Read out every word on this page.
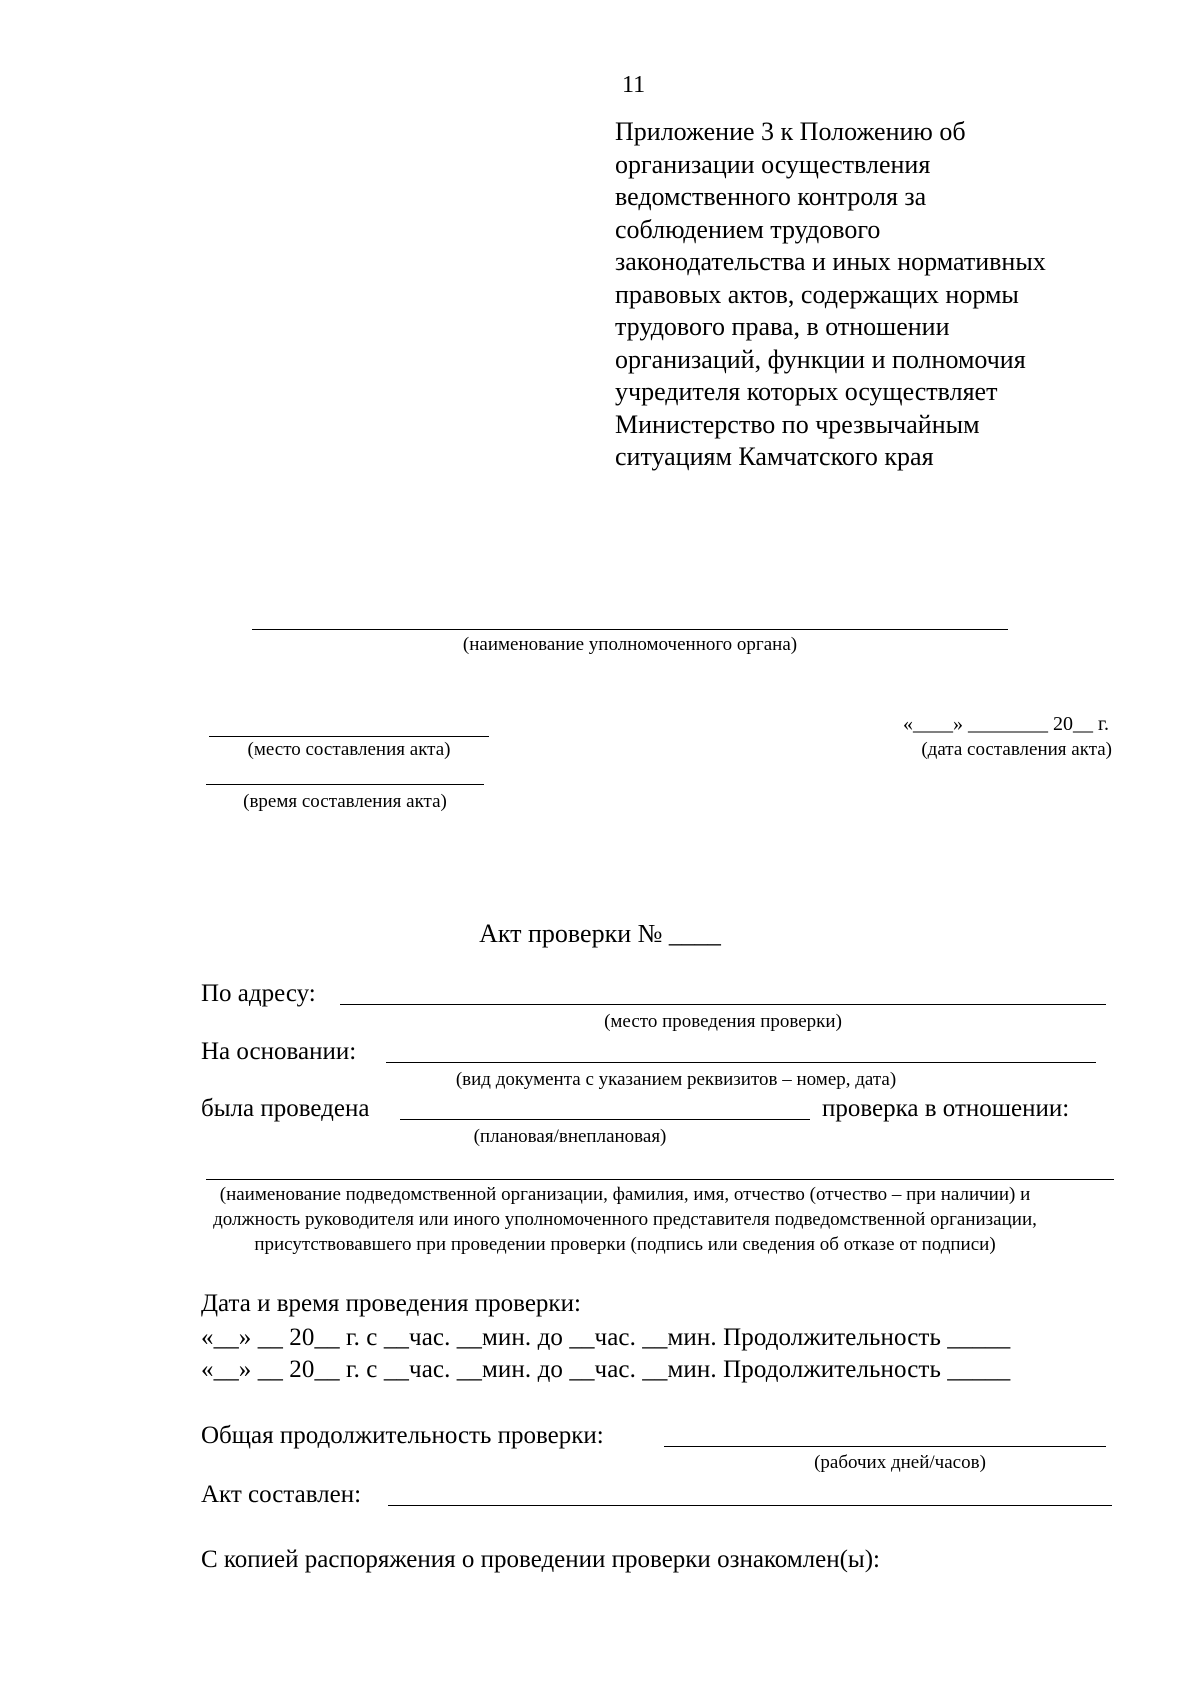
11
Приложение 3 к Положению об
организации осуществления
ведомственного контроля за
соблюдением трудового
законодательства и иных нормативных
правовых актов, содержащих нормы
трудового права, в отношении
организаций, функции и полномочия
учредителя которых осуществляет
Министерство по чрезвычайным
ситуациям Камчатского края
(наименование уполномоченного органа)
(место составления акта)
(время составления акта)
«____» ________ 20__ г.
(дата составления акта)
Акт проверки № ____
По адресу:
(место проведения проверки)
На основании:
(вид документа с указанием реквизитов – номер, дата)
была проведена	проверка в отношении:
(плановая/внеплановая)
(наименование подведомственной организации, фамилия, имя, отчество (отчество – при наличии) и
должность руководителя или иного уполномоченного представителя подведомственной организации,
присутствовавшего при проведении проверки (подпись или сведения об отказе от подписи)
Дата и время проведения проверки:
«__» __ 20__ г. с __час. __мин. до __час. __мин. Продолжительность _____
«__» __ 20__ г. с __час. __мин. до __час. __мин. Продолжительность _____
Общая продолжительность проверки:
(рабочих дней/часов)
Акт составлен:
С копией распоряжения о проведении проверки ознакомлен(ы):
